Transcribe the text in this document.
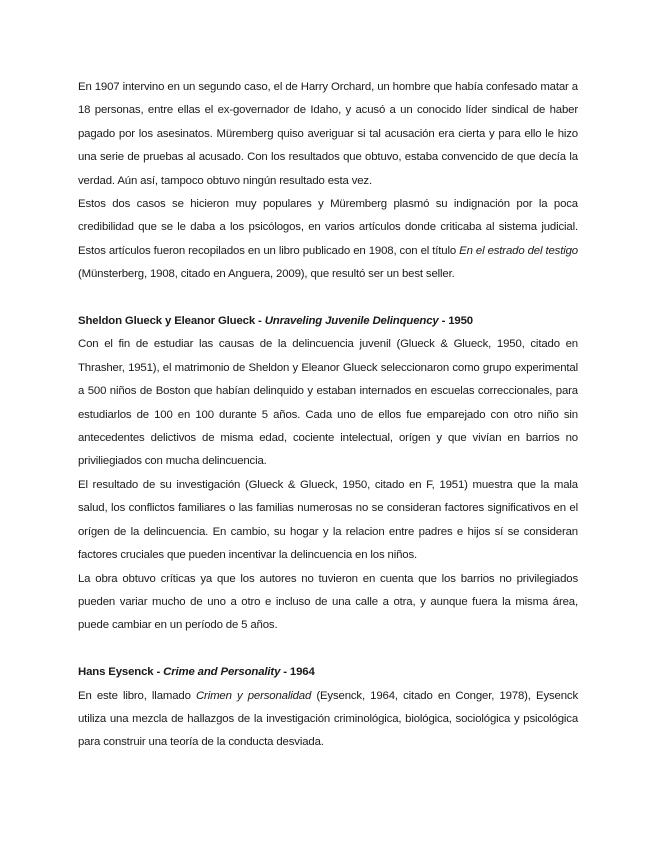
En 1907 intervino en un segundo caso, el de Harry Orchard, un hombre que había confesado matar a 18 personas, entre ellas el ex-governador de Idaho, y acusó a un conocido líder sindical de haber pagado por los asesinatos. Müremberg quiso averiguar si tal acusación era cierta y para ello le hizo una serie de pruebas al acusado. Con los resultados que obtuvo, estaba convencido de que decía la verdad. Aún así, tampoco obtuvo ningún resultado esta vez.

Estos dos casos se hicieron muy populares y Müremberg plasmó su indignación por la poca credibilidad que se le daba a los psicólogos, en varios artículos donde criticaba al sistema judicial. Estos artículos fueron recopilados en un libro publicado en 1908, con el título En el estrado del testigo (Münsterberg, 1908, citado en Anguera, 2009), que resultó ser un best seller.

Sheldon Glueck y Eleanor Glueck - Unraveling Juvenile Delinquency - 1950

Con el fin de estudiar las causas de la delincuencia juvenil (Glueck & Glueck, 1950, citado en Thrasher, 1951), el matrimonio de Sheldon y Eleanor Glueck seleccionaron como grupo experimental a 500 niños de Boston que habían delinquido y estaban internados en escuelas correccionales, para estudiarlos de 100 en 100 durante 5 años. Cada uno de ellos fue emparejado con otro niño sin antecedentes delictivos de misma edad, cociente intelectual, orígen y que vivían en barrios no priviliegiados con mucha delincuencia.

El resultado de su investigación (Glueck & Glueck, 1950, citado en F, 1951) muestra que la mala salud, los conflictos familiares o las familias numerosas no se consideran factores significativos en el orígen de la delincuencia. En cambio, su hogar y la relacion entre padres e hijos sí se consideran factores cruciales que pueden incentivar la delincuencia en los niños.

La obra obtuvo críticas ya que los autores no tuvieron en cuenta que los barrios no privilegiados pueden variar mucho de uno a otro e incluso de una calle a otra, y aunque fuera la misma área, puede cambiar en un período de 5 años.

Hans Eysenck - Crime and Personality - 1964

En este libro, llamado Crimen y personalidad (Eysenck, 1964, citado en Conger, 1978), Eysenck utiliza una mezcla de hallazgos de la investigación criminológica, biológica, sociológica y psicológica para construir una teoría de la conducta desviada.
